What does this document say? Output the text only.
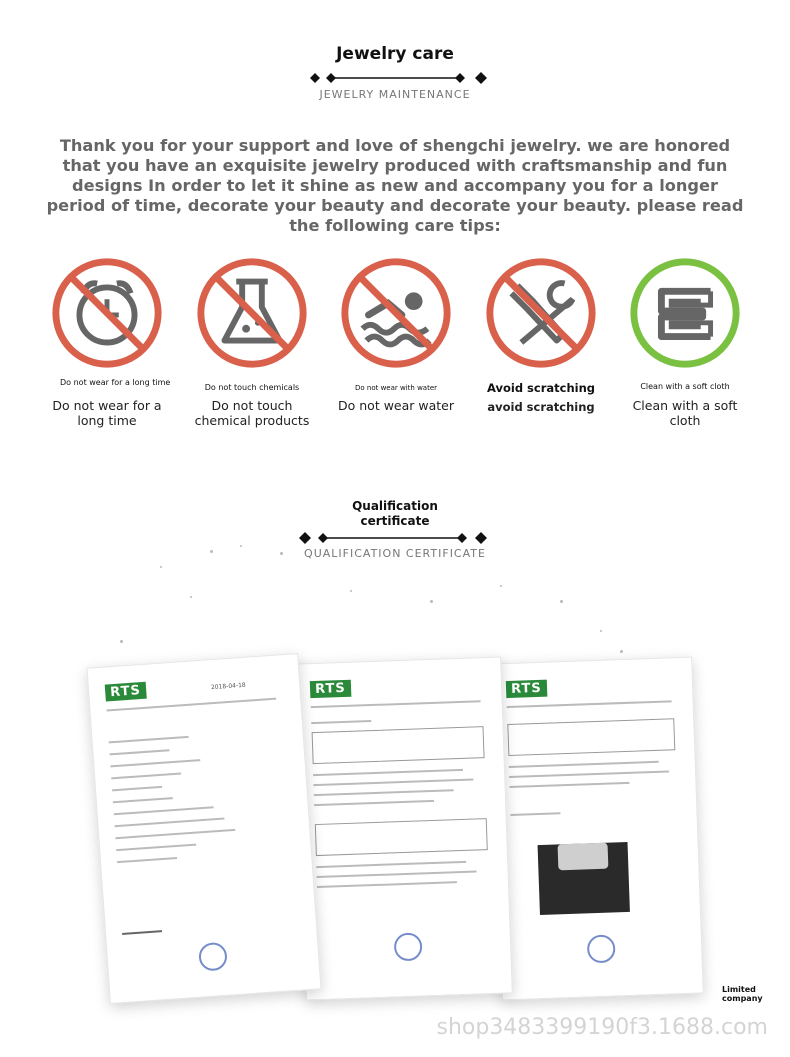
Jewelry care
JEWELRY MAINTENANCE
Thank you for your support and love of shengchi jewelry. we are honored that you have an exquisite jewelry produced with craftsmanship and fun designs In order to let it shine as new and accompany you for a longer period of time, decorate your beauty and decorate your beauty. please read the following care tips:
Do not wear for a long time
Do not wear for a long time
Do not touch chemicals
Do not touch chemical products
Do not wear with water
Do not wear water
Avoid scratching
avoid scratching
Clean with a soft cloth
Clean with a soft cloth
Qualification
certificate
QUALIFICATION CERTIFICATE
RTS	2018-04-18	RTS	RTS
Limited company
shop3483399190f3.1688.com
